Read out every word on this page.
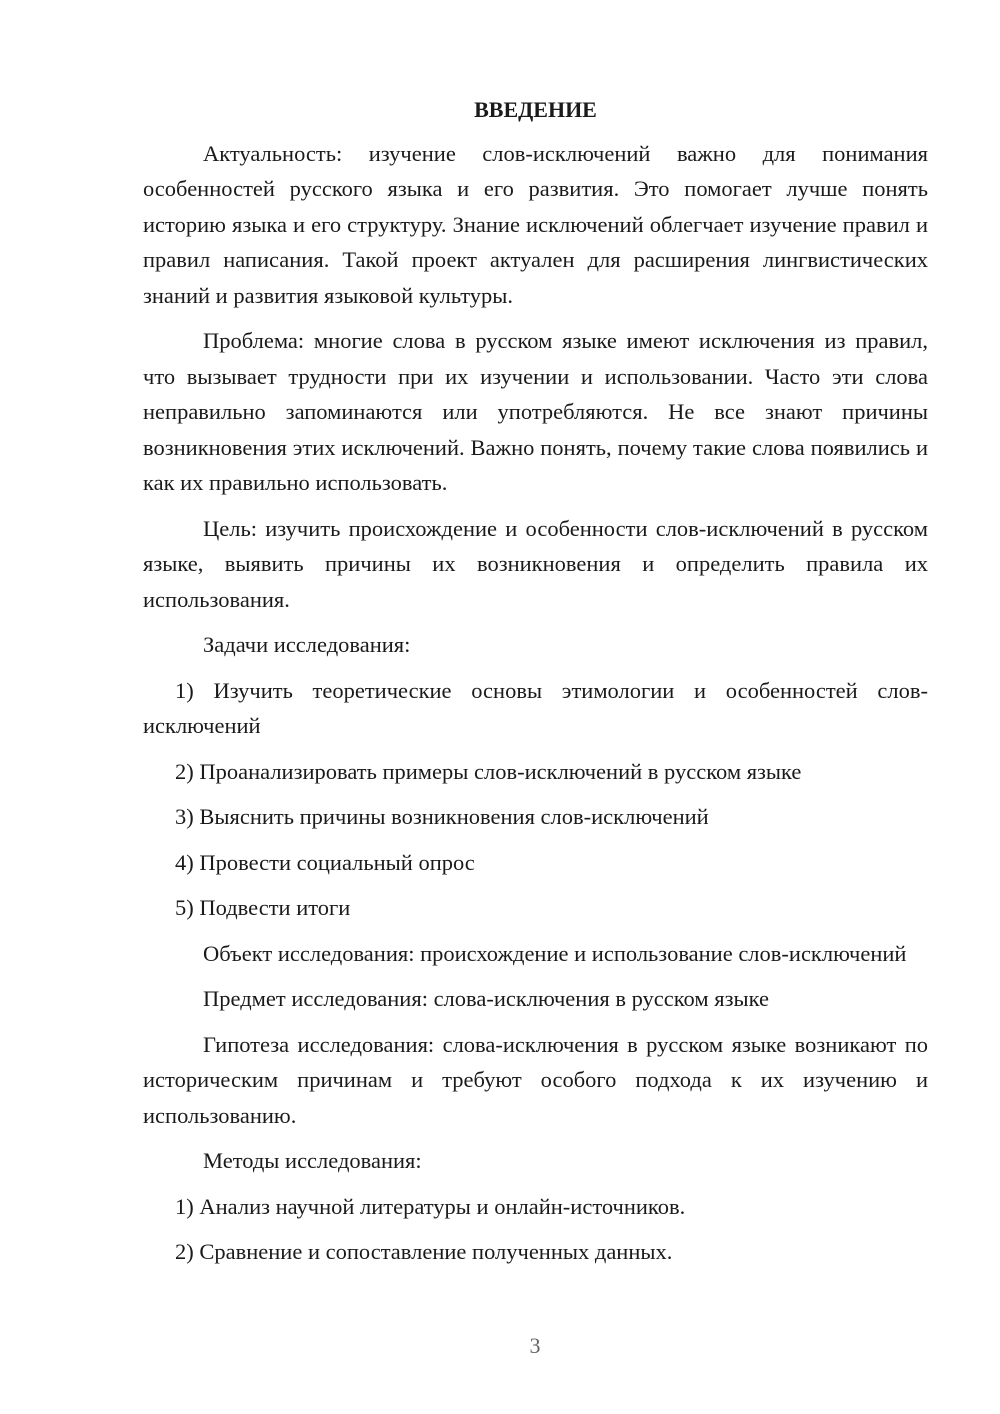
ВВЕДЕНИЕ

Актуальность: изучение слов-исключений важно для понимания особенностей русского языка и его развития. Это помогает лучше понять историю языка и его структуру. Знание исключений облегчает изучение правил и правил написания. Такой проект актуален для расширения лингвистических знаний и развития языковой культуры.

Проблема: многие слова в русском языке имеют исключения из правил, что вызывает трудности при их изучении и использовании. Часто эти слова неправильно запоминаются или употребляются. Не все знают причины возникновения этих исключений. Важно понять, почему такие слова появились и как их правильно использовать.

Цель: изучить происхождение и особенности слов-исключений в русском языке, выявить причины их возникновения и определить правила их использования.

Задачи исследования:

1) Изучить теоретические основы этимологии и особенностей слов-исключений

2) Проанализировать примеры слов-исключений в русском языке

3) Выяснить причины возникновения слов-исключений

4) Провести социальный опрос

5) Подвести итоги

Объект исследования: происхождение и использование слов-исключений

Предмет исследования: слова-исключения в русском языке

Гипотеза исследования: слова-исключения в русском языке возникают по историческим причинам и требуют особого подхода к их изучению и использованию.

Методы исследования:

1) Анализ научной литературы и онлайн-источников.

2) Сравнение и сопоставление полученных данных.

3
